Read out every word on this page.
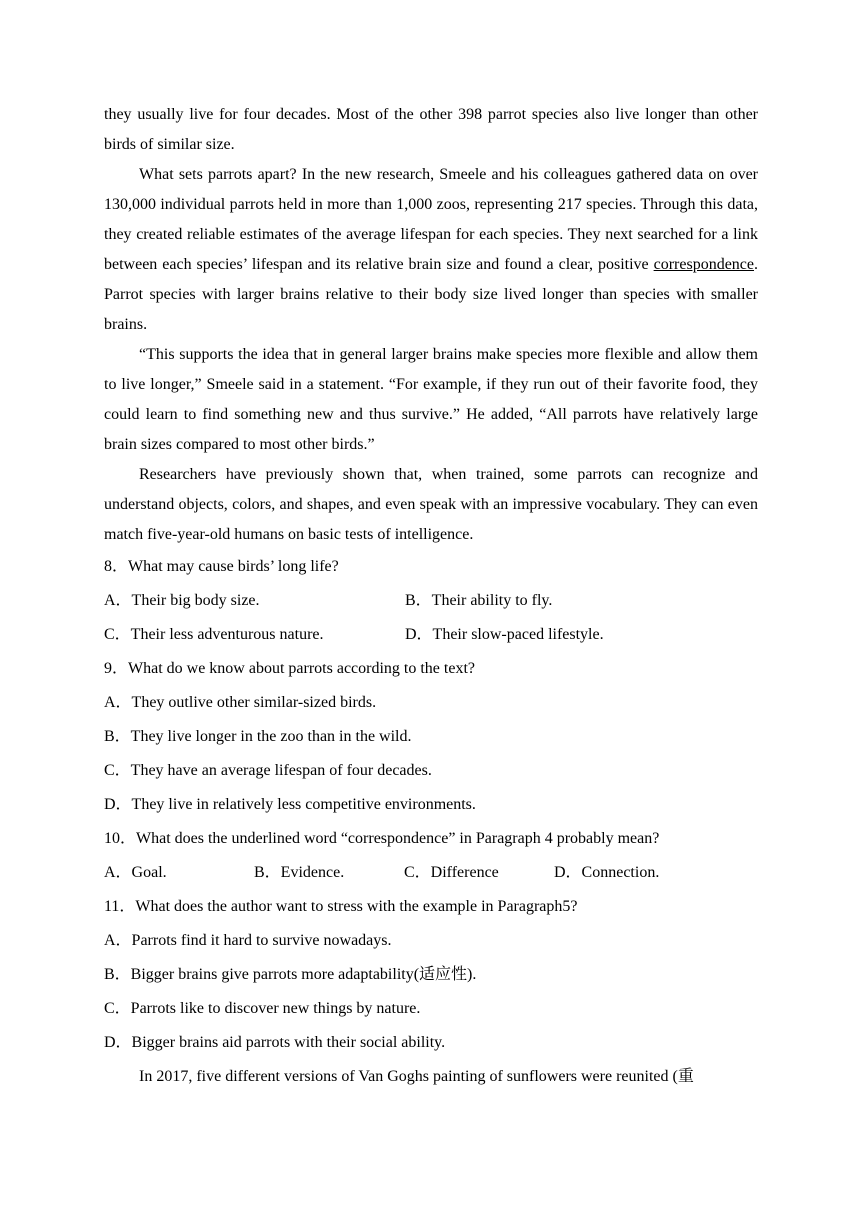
they usually live for four decades. Most of the other 398 parrot species also live longer than other birds of similar size.

What sets parrots apart? In the new research, Smeele and his colleagues gathered data on over 130,000 individual parrots held in more than 1,000 zoos, representing 217 species. Through this data, they created reliable estimates of the average lifespan for each species. They next searched for a link between each species’ lifespan and its relative brain size and found a clear, positive correspondence. Parrot species with larger brains relative to their body size lived longer than species with smaller brains.

“This supports the idea that in general larger brains make species more flexible and allow them to live longer,” Smeele said in a statement. “For example, if they run out of their favorite food, they could learn to find something new and thus survive.” He added, “All parrots have relatively large brain sizes compared to most other birds.”

Researchers have previously shown that, when trained, some parrots can recognize and understand objects, colors, and shapes, and even speak with an impressive vocabulary. They can even match five-year-old humans on basic tests of intelligence.

8．What may cause birds’ long life?

A．Their big body size.	B．Their ability to fly.
C．Their less adventurous nature.	D．Their slow-paced lifestyle.

9．What do we know about parrots according to the text?

A．They outlive other similar-sized birds.

B．They live longer in the zoo than in the wild.

C．They have an average lifespan of four decades.

D．They live in relatively less competitive environments.

10．What does the underlined word “correspondence” in Paragraph 4 probably mean?

A．Goal.	B．Evidence.	C．Difference	D．Connection.

11．What does the author want to stress with the example in Paragraph5?

A．Parrots find it hard to survive nowadays.

B．Bigger brains give parrots more adaptability(适应性).

C．Parrots like to discover new things by nature.

D．Bigger brains aid parrots with their social ability.

In 2017, five different versions of Van Goghs painting of sunflowers were reunited (重
